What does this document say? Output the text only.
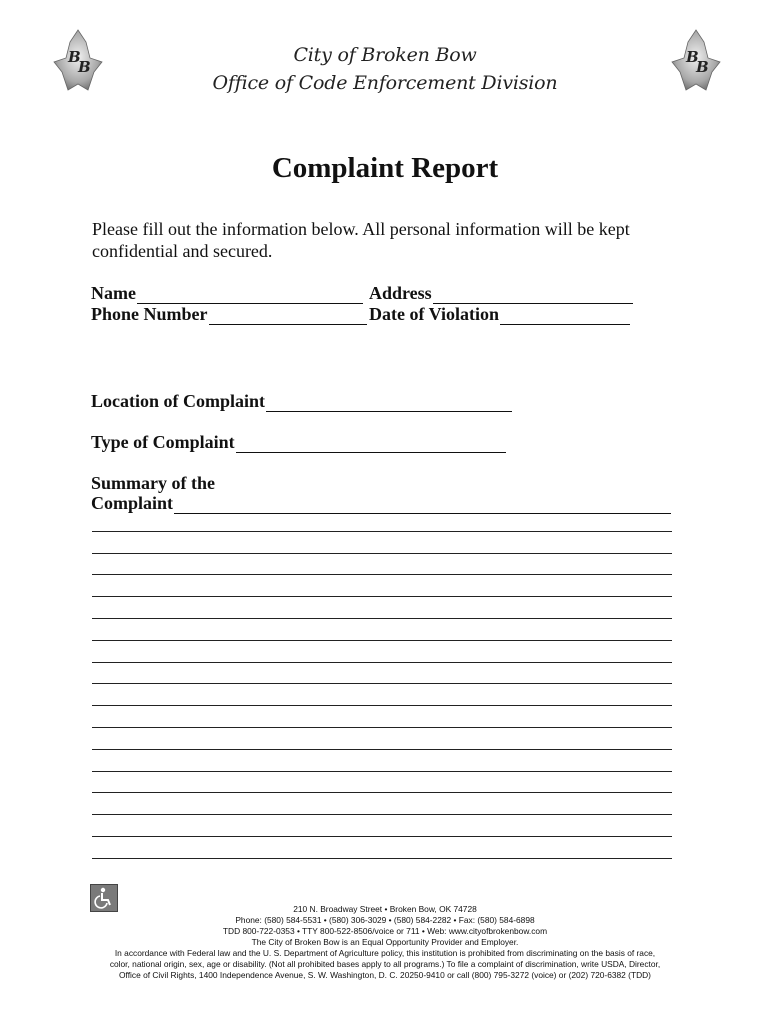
B
B
B
B
City of Broken Bow
Office of Code Enforcement Division
Complaint Report
Please fill out the information below. All personal information will be kept confidential and secured.
Name	Address
Phone Number	Date of Violation
Location of Complaint
Type of Complaint
Summary of the
Complaint
210 N. Broadway Street • Broken Bow, OK 74728
Phone: (580) 584-5531 • (580) 306-3029 • (580) 584-2282 • Fax: (580) 584-6898
TDD 800-722-0353 • TTY 800-522-8506/voice or 711 • Web: www.cityofbrokenbow.com
The City of Broken Bow is an Equal Opportunity Provider and Employer.
In accordance with Federal law and the U. S. Department of Agriculture policy, this institution is prohibited from discriminating on the basis of race,
color, national origin, sex, age or disability. (Not all prohibited bases apply to all programs.) To file a complaint of discrimination, write USDA, Director,
Office of Civil Rights, 1400 Independence Avenue, S. W. Washington, D. C. 20250-9410 or call (800) 795-3272 (voice) or (202) 720-6382 (TDD)
